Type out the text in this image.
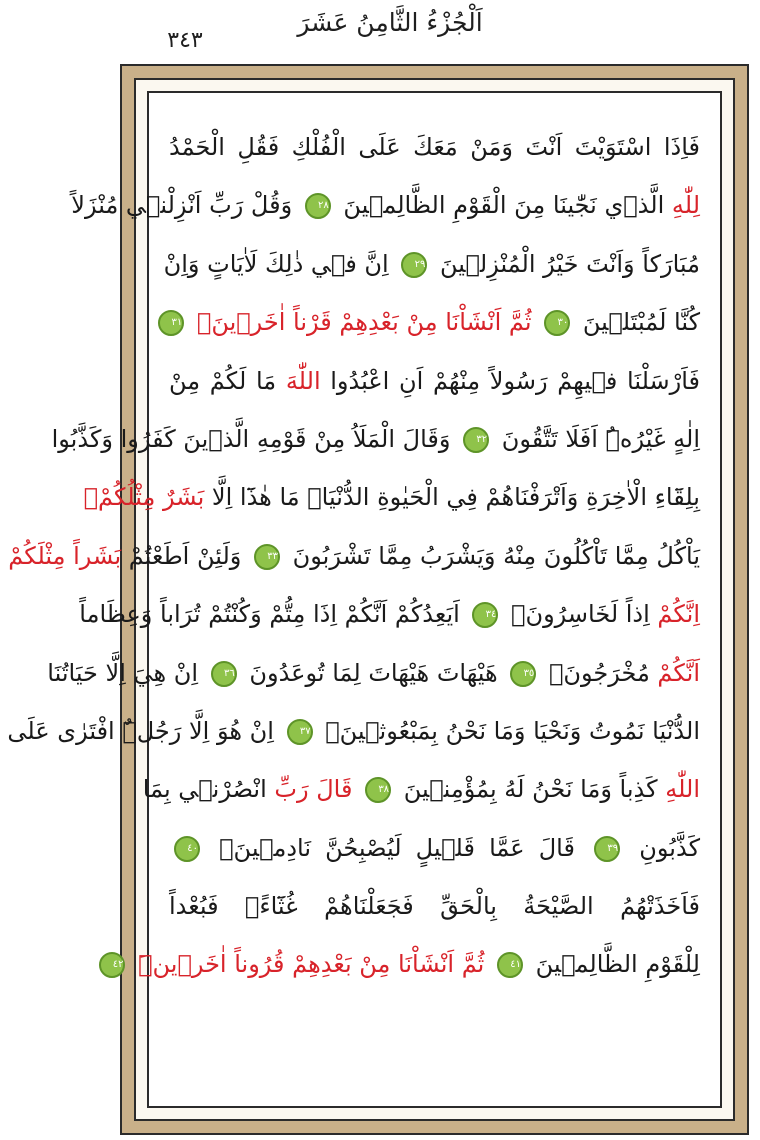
٣٤٣
اَلْجُزْءُ الثَّامِنُ عَشَرَ
فَاِذَا اسْتَوَيْتَ اَنْتَ وَمَنْ مَعَكَ عَلَى الْفُلْكِ فَقُلِ الْحَمْدُ
لِلّٰهِ الَّذ۪ي نَجّٰينَا مِنَ الْقَوْمِ الظَّالِم۪ينَ ٢٨ وَقُلْ رَبِّ اَنْزِلْن۪ي مُنْزَلاً
مُبَارَكاً وَاَنْتَ خَيْرُ الْمُنْزِل۪ينَ ٢٩ اِنَّ ف۪ي ذٰلِكَ لَاٰيَاتٍ وَاِنْ
كُنَّا لَمُبْتَل۪ينَ ٣٠ ثُمَّ اَنْشَاْنَا مِنْ بَعْدِهِمْ قَرْناً اٰخَر۪ينَۚ ٣١
فَاَرْسَلْنَا ف۪يهِمْ رَسُولاً مِنْهُمْ اَنِ اعْبُدُوا اللّٰهَ مَا لَكُمْ مِنْ
اِلٰهٍ غَيْرُهُۜ اَفَلَا تَتَّقُونَ ٣٢ وَقَالَ الْمَلَاُ مِنْ قَوْمِهِ الَّذ۪ينَ كَفَرُوا وَكَذَّبُوا
بِلِقَٓاءِ الْاٰخِرَةِ وَاَتْرَفْنَاهُمْ فِي الْحَيٰوةِ الدُّنْيَاۙ مَا هٰذَٓا اِلَّا بَشَرٌ مِثْلُكُمْۙ
يَاْكُلُ مِمَّا تَاْكُلُونَ مِنْهُ وَيَشْرَبُ مِمَّا تَشْرَبُونَ ٣٣ وَلَئِنْ اَطَعْتُمْ بَشَراً مِثْلَكُمْ
اِنَّكُمْ اِذاً لَخَاسِرُونَۙ ٣٤ اَيَعِدُكُمْ اَنَّكُمْ اِذَا مِتُّمْ وَكُنْتُمْ تُرَاباً وَعِظَاماً
اَنَّكُمْ مُخْرَجُونَۙ ٣٥ هَيْهَاتَ هَيْهَاتَ لِمَا تُوعَدُونَ ٣٦ اِنْ هِيَ اِلَّا حَيَاتُنَا
الدُّنْيَا نَمُوتُ وَنَحْيَا وَمَا نَحْنُ بِمَبْعُوث۪ينَۙ ٣٧ اِنْ هُوَ اِلَّا رَجُلٌۨ افْتَرٰى عَلَى
اللّٰهِ كَذِباً وَمَا نَحْنُ لَهُ بِمُؤْمِن۪ينَ ٣٨ قَالَ رَبِّ انْصُرْن۪ي بِمَا
كَذَّبُونِ ٣٩ قَالَ عَمَّا قَل۪يلٍ لَيُصْبِحُنَّ نَادِم۪ينَۚ ٤٠
فَاَخَذَتْهُمُ الصَّيْحَةُ بِالْحَقِّ فَجَعَلْنَاهُمْ غُثَٓاءًۚ فَبُعْداً
لِلْقَوْمِ الظَّالِم۪ينَ ٤١ ثُمَّ اَنْشَاْنَا مِنْ بَعْدِهِمْ قُرُوناً اٰخَر۪ينَۜ ٤٢
